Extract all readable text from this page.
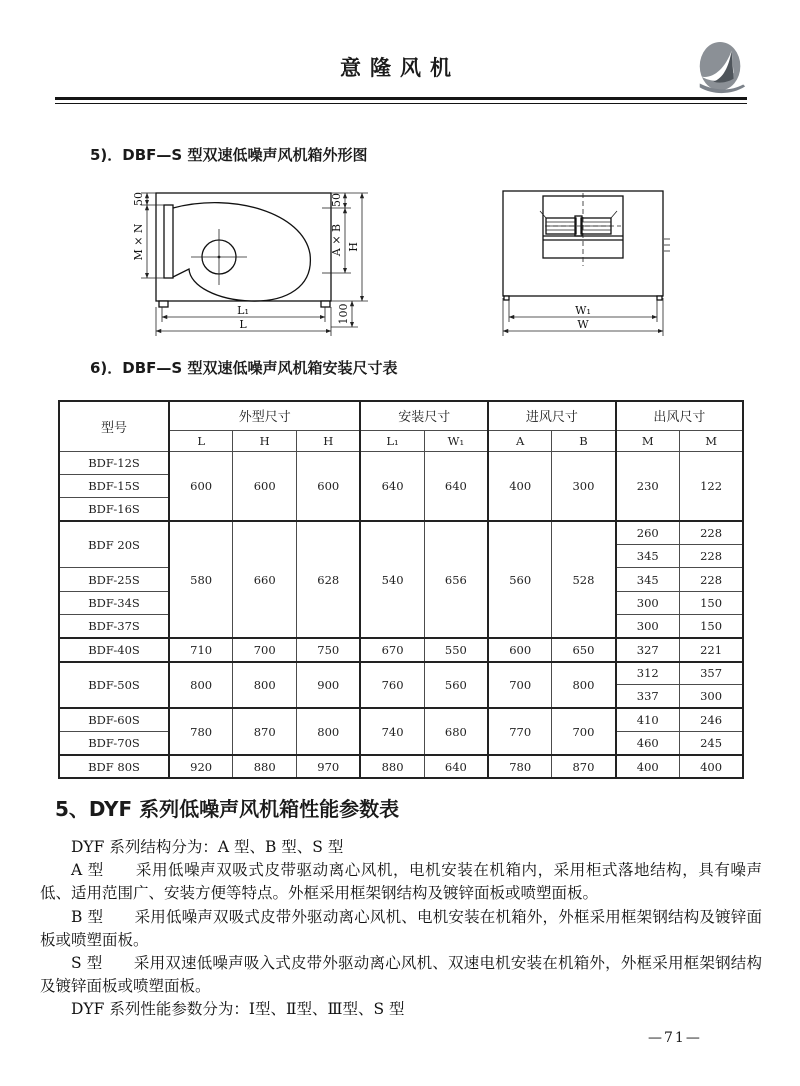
意隆风机
5)．DBF—S 型双速低噪声风机箱外形图
50
M × N
50
A × B H
100
L₁
L
W₁
W
6)．DBF—S 型双速低噪声风机箱安装尺寸表
型号	外型尺寸			安装尺寸		进风尺寸		出风尺寸	
	L	H	H	L₁	W₁	A	B	M	M
BDF-12S	600	600	600	640	640	400	300	230	122
BDF-15S									
BDF-16S									
BDF 20S	580	660	628	540	656	560	528	260	228
								345	228
BDF-25S								345	228
BDF-34S								300	150
BDF-37S								300	150
BDF-40S	710	700	750	670	550	600	650	327	221
BDF-50S	800	800	900	760	560	700	800	312	357
								337	300
BDF-60S	780	870	800	740	680	770	700	410	246
BDF-70S								460	245
BDF 80S	920	880	970	880	640	780	870	400	400
5、DYF 系列低噪声风机箱性能参数表

DYF 系列结构分为：A 型、B 型、S 型

A 型　　采用低噪声双吸式皮带驱动离心风机，电机安装在机箱内，采用柜式落地结构，具有噪声低、适用范围广、安装方便等特点。外框采用框架钢结构及镀锌面板或喷塑面板。

B 型　　采用低噪声双吸式皮带外驱动离心风机、电机安装在机箱外，外框采用框架钢结构及镀锌面板或喷塑面板。

S 型　　采用双速低噪声吸入式皮带外驱动离心风机、双速电机安装在机箱外，外框采用框架钢结构及镀锌面板或喷塑面板。

DYF 系列性能参数分为：Ⅰ型、Ⅱ型、Ⅲ型、S 型

—71—
